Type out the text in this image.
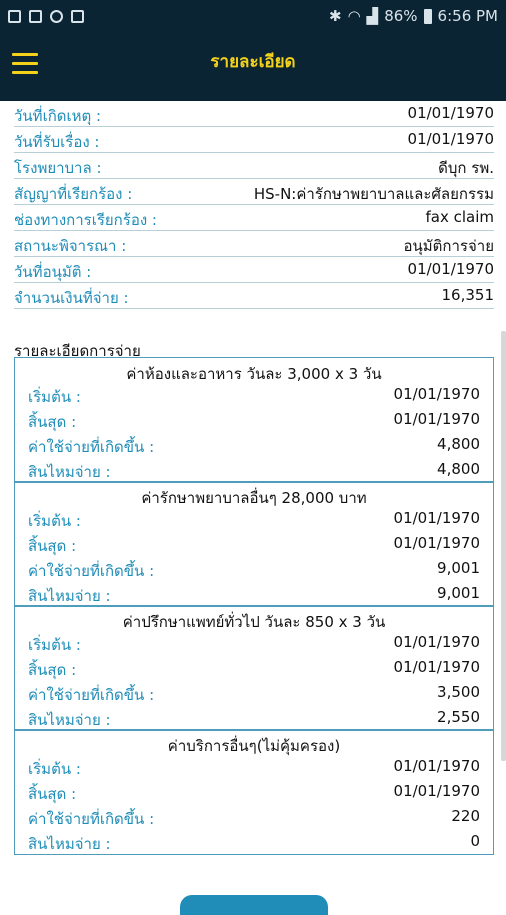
✱ ◠ ▟ 86% 6:56 PM
รายละเอียด
วันที่เกิดเหตุ :	01/01/1970
วันที่รับเรื่อง :	01/01/1970
โรงพยาบาล :	ดีบุก รพ.
สัญญาที่เรียกร้อง :	HS-N:ค่ารักษาพยาบาลและศัลยกรรม
ช่องทางการเรียกร้อง :	fax claim
สถานะพิจารณา :	อนุมัติการจ่าย
วันที่อนุมัติ :	01/01/1970
จำนวนเงินที่จ่าย :	16,351
รายละเอียดการจ่าย
ค่าห้องและอาหาร วันละ 3,000 x 3 วัน
เริ่มต้น :	01/01/1970
สิ้นสุด :	01/01/1970
ค่าใช้จ่ายที่เกิดขึ้น :	4,800
สินไหมจ่าย :	4,800
ค่ารักษาพยาบาลอื่นๆ 28,000 บาท
เริ่มต้น :	01/01/1970
สิ้นสุด :	01/01/1970
ค่าใช้จ่ายที่เกิดขึ้น :	9,001
สินไหมจ่าย :	9,001
ค่าปรึกษาแพทย์ทั่วไป วันละ 850 x 3 วัน
เริ่มต้น :	01/01/1970
สิ้นสุด :	01/01/1970
ค่าใช้จ่ายที่เกิดขึ้น :	3,500
สินไหมจ่าย :	2,550
ค่าบริการอื่นๆ(ไม่คุ้มครอง)
เริ่มต้น :	01/01/1970
สิ้นสุด :	01/01/1970
ค่าใช้จ่ายที่เกิดขึ้น :	220
สินไหมจ่าย :	0
